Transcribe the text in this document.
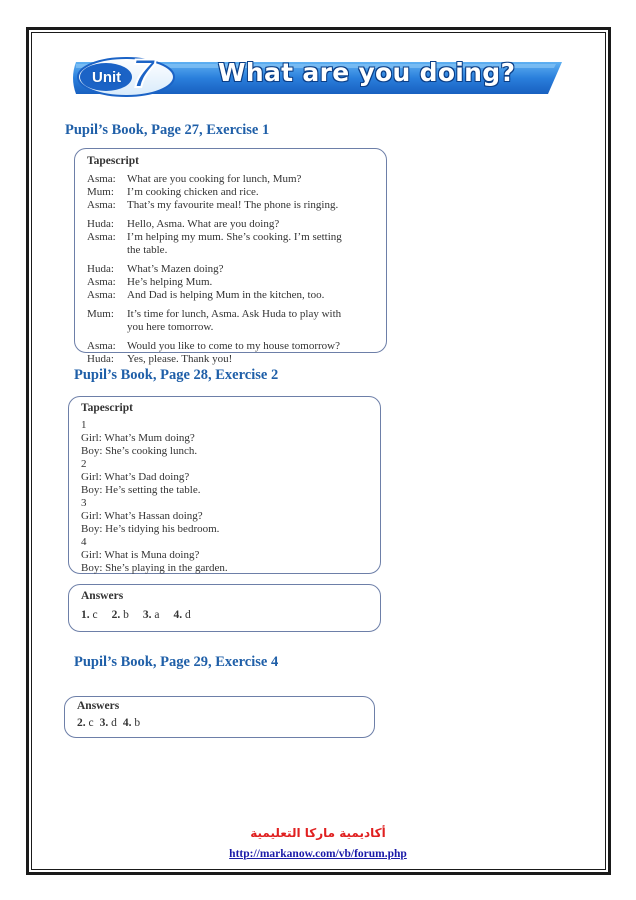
Unit 7	What are you doing?
Pupil’s Book, Page 27, Exercise 1
Tapescript
Asma:	What are you cooking for lunch, Mum?
Mum:	I’m cooking chicken and rice.
Asma:	That’s my favourite meal! The phone is ringing.
Huda:	Hello, Asma. What are you doing?
Asma:	I’m helping my mum. She’s cooking. I’m setting
the table.
Huda:	What’s Mazen doing?
Asma:	He’s helping Mum.
Asma:	And Dad is helping Mum in the kitchen, too.
Mum:	It’s time for lunch, Asma. Ask Huda to play with
you here tomorrow.
Asma:	Would you like to come to my house tomorrow?
Huda:	Yes, please. Thank you!
Pupil’s Book, Page 28, Exercise 2
Tapescript
1
Girl: What’s Mum doing?
Boy: She’s cooking lunch.
2
Girl: What’s Dad doing?
Boy: He’s setting the table.
3
Girl: What’s Hassan doing?
Boy: He’s tidying his bedroom.
4
Girl: What is Muna doing?
Boy: She’s playing in the garden.
Answers
1. c 2. b 3. a 4. d
Pupil’s Book, Page 29, Exercise 4
Answers
2. c 3. d 4. b
أكاديمية ماركا التعليمية
http://markanow.com/vb/forum.php
